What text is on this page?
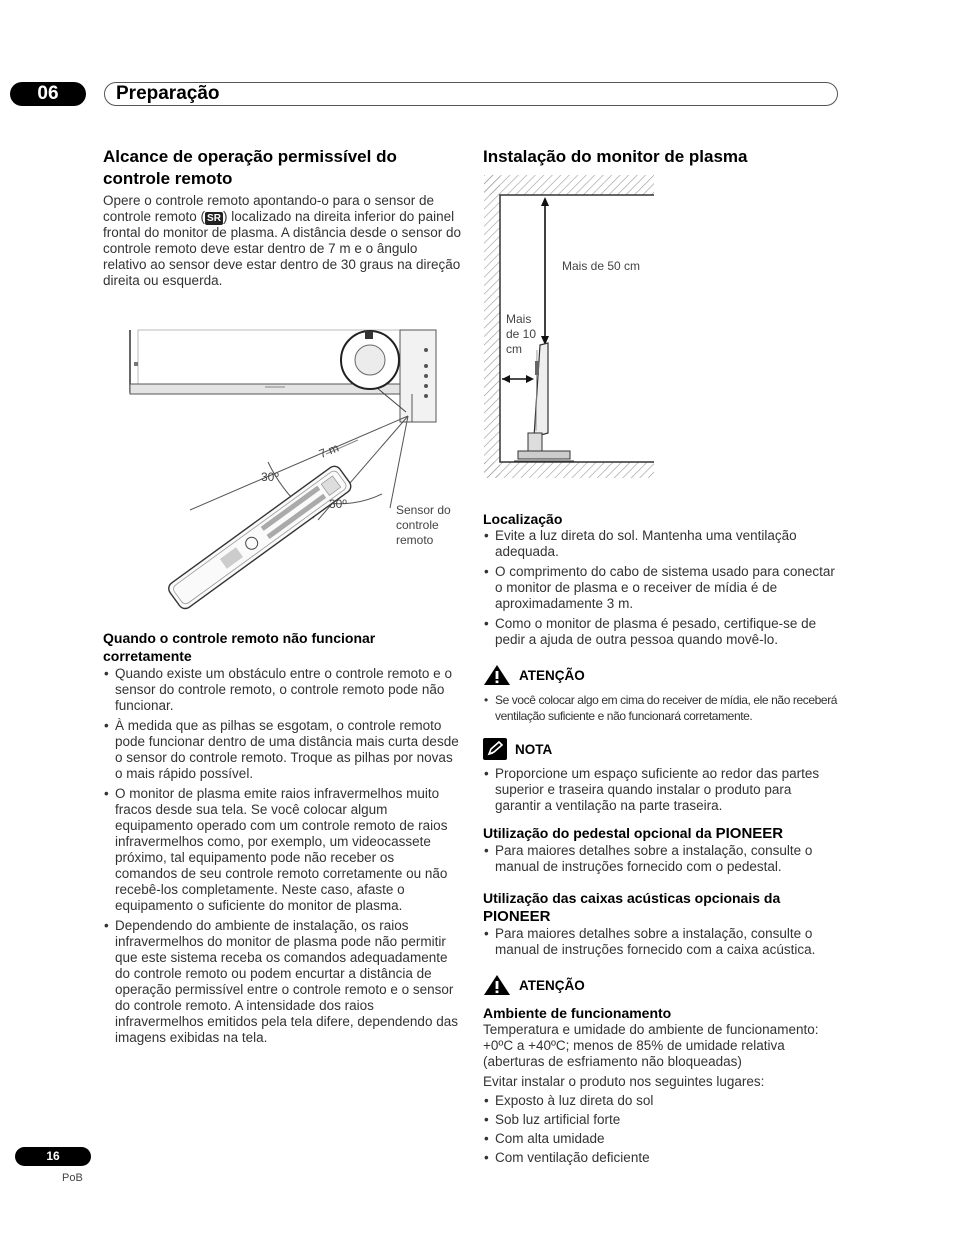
06	Preparação
Alcance de operação permissível do controle remoto

Opere o controle remoto apontando-o para o sensor de controle remoto ( SR ) localizado na direita inferior do painel frontal do monitor de plasma. A distância desde o sensor do controle remoto deve estar dentro de 7 m e o ângulo relativo ao sensor deve estar dentro de 30 graus na direção direita ou esquerda.

7 m
30º
30º	Sensor do controle remoto
Quando o controle remoto não funcionar corretamente
• Quando existe um obstáculo entre o controle remoto e o sensor do controle remoto, o controle remoto pode não funcionar.
• À medida que as pilhas se esgotam, o controle remoto pode funcionar dentro de uma distância mais curta desde o sensor do controle remoto. Troque as pilhas por novas o mais rápido possível.
• O monitor de plasma emite raios infravermelhos muito fracos desde sua tela. Se você colocar algum equipamento operado com um controle remoto de raios infravermelhos como, por exemplo, um videocassete próximo, tal equipamento pode não receber os comandos de seu controle remoto corretamente ou não recebê-los completamente. Neste caso, afaste o equipamento o suficiente do monitor de plasma.
• Dependendo do ambiente de instalação, os raios infravermelhos do monitor de plasma pode não permitir que este sistema receba os comandos adequadamente do controle remoto ou podem encurtar a distância de operação permissível entre o controle remoto e o sensor do controle remoto. A intensidade dos raios infravermelhos emitidos pela tela difere, dependendo das imagens exibidas na tela.
Instalação do monitor de plasma
Mais de 50 cm
Mais de 10 cm
Localização
• Evite a luz direta do sol. Mantenha uma ventilação adequada.
• O comprimento do cabo de sistema usado para conectar o monitor de plasma e o receiver de mídia é de aproximadamente 3 m.
• Como o monitor de plasma é pesado, certifique-se de pedir a ajuda de outra pessoa quando movê-lo.
ATENÇÃO
• Se você colocar algo em cima do receiver de mídia, ele não receberá ventilação suficiente e não funcionará corretamente.
NOTA
• Proporcione um espaço suficiente ao redor das partes superior e traseira quando instalar o produto para garantir a ventilação na parte traseira.
Utilização do pedestal opcional da PIONEER
• Para maiores detalhes sobre a instalação, consulte o manual de instruções fornecido com o pedestal.
Utilização das caixas acústicas opcionais da PIONEER
• Para maiores detalhes sobre a instalação, consulte o manual de instruções fornecido com a caixa acústica.
ATENÇÃO
Ambiente de funcionamento

Temperatura e umidade do ambiente de funcionamento: +0ºC a +40ºC; menos de 85% de umidade relativa (aberturas de esfriamento não bloqueadas)

Evitar instalar o produto nos seguintes lugares:

• Exposto à luz direta do sol
• Sob luz artificial forte
• Com alta umidade
• Com ventilação deficiente
16
PoB
